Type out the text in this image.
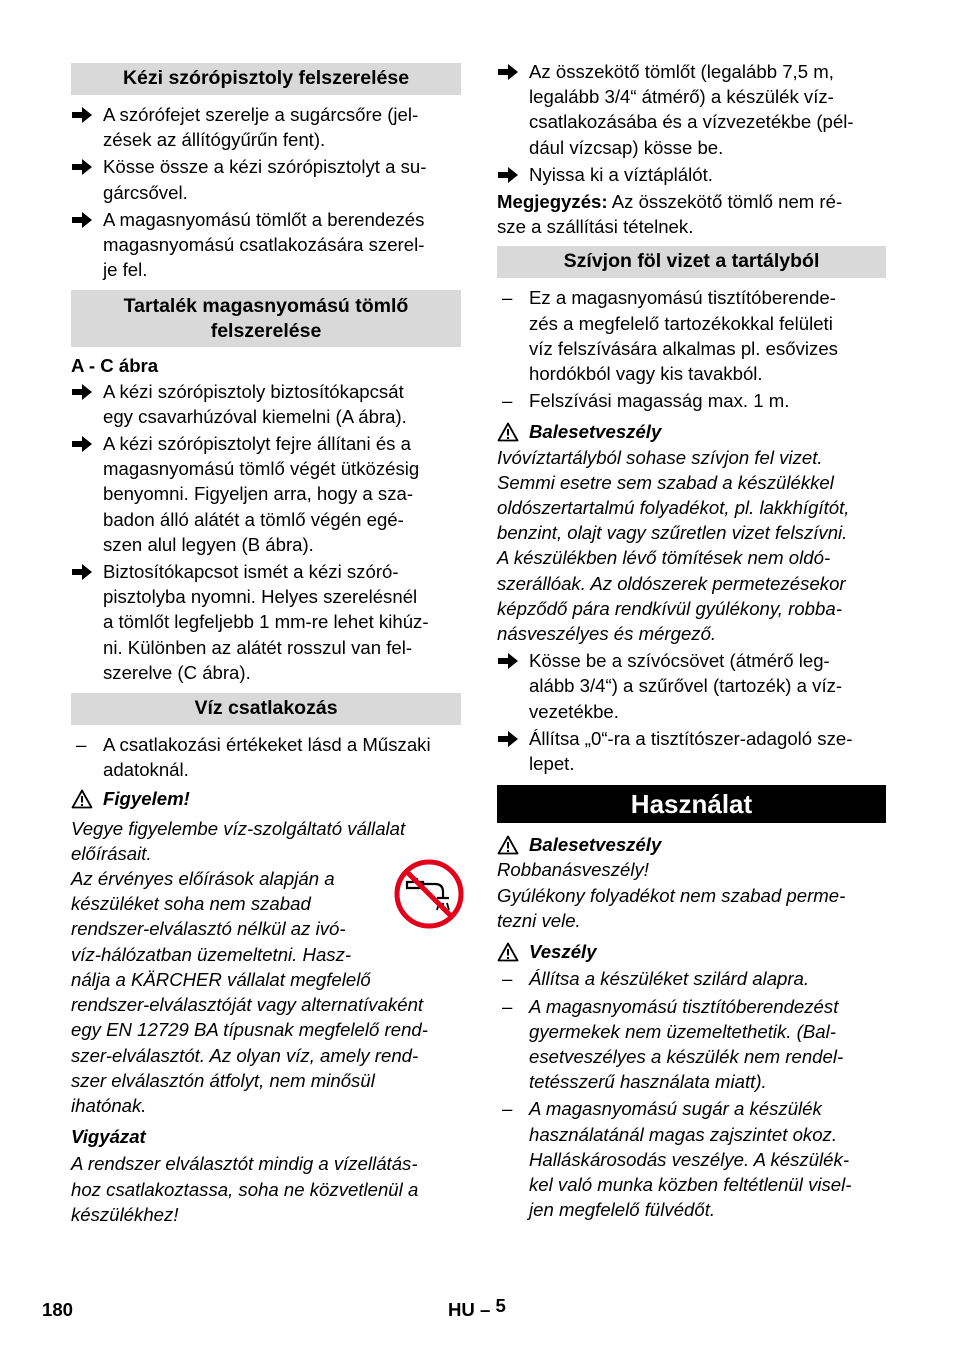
Kézi szórópisztoly felszerelése
A szórófejet szerelje a sugárcsőre (jel-
zések az állítógyűrűn fent).
Kösse össze a kézi szórópisztolyt a su-
gárcsővel.
A magasnyomású tömlőt a berendezés
magasnyomású csatlakozására szerel-
je fel.
Tartalék magasnyomású tömlő
felszerelése
A - C ábra
A kézi szórópisztoly biztosítókapcsát
egy csavarhúzóval kiemelni (A ábra).
A kézi szórópisztolyt fejre állítani és a
magasnyomású tömlő végét ütközésig
benyomni. Figyeljen arra, hogy a sza-
badon álló alátét a tömlő végén egé-
szen alul legyen (B ábra).
Biztosítókapcsot ismét a kézi szóró-
pisztolyba nyomni. Helyes szerelésnél
a tömlőt legfeljebb 1 mm-re lehet kihúz-
ni. Különben az alátét rosszul van fel-
szerelve (C ábra).
Víz csatlakozás
– A csatlakozási értékeket lásd a Műszaki
adatoknál.
Figyelem!
Vegye figyelembe víz-szolgáltató vállalat
előírásait.
Az érvényes előírások alapján a
készüléket soha nem szabad
rendszer-elválasztó nélkül az ivó-
víz-hálózatban üzemeltetni. Hasz-
nálja a KÄRCHER vállalat megfelelő
rendszer-elválasztóját vagy alternatívaként
egy EN 12729 BA típusnak megfelelő rend-
szer-elválasztót. Az olyan víz, amely rend-
szer elválasztón átfolyt, nem minősül
ihatónak.
Vigyázat
A rendszer elválasztót mindig a vízellátás-
hoz csatlakoztassa, soha ne közvetlenül a
készülékhez!
Az összekötő tömlőt (legalább 7,5 m,
legalább 3/4“ átmérő) a készülék víz-
csatlakozásába és a vízvezetékbe (pél-
dául vízcsap) kösse be.
Nyissa ki a víztáplálót.
Megjegyzés: Az összekötő tömlő nem ré-
sze a szállítási tételnek.
Szívjon föl vizet a tartályból
– Ez a magasnyomású tisztítóberende-
zés a megfelelő tartozékokkal felületi
víz felszívására alkalmas pl. esővizes
hordókból vagy kis tavakból.
– Felszívási magasság max. 1 m.
Balesetveszély
Ivóvíztartályból sohase szívjon fel vizet.
Semmi esetre sem szabad a készülékkel
oldószertartalmú folyadékot, pl. lakkhígítót,
benzint, olajt vagy szűretlen vizet felszívni.
A készülékben lévő tömítések nem oldó-
szerállóak. Az oldószerek permetezésekor
képződő pára rendkívül gyúlékony, robba-
násveszélyes és mérgező.
Kösse be a szívócsövet (átmérő leg-
alább 3/4“) a szűrővel (tartozék) a víz-
vezetékbe.
Állítsa „0“-ra a tisztítószer-adagoló sze-
lepet.
Használat
Balesetveszély
Robbanásveszély!
Gyúlékony folyadékot nem szabad perme-
tezni vele.
Veszély
– Állítsa a készüléket szilárd alapra.
– A magasnyomású tisztítóberendezést
gyermekek nem üzemeltethetik. (Bal-
esetveszélyes a készülék nem rendel-
tetésszerű használata miatt).
– A magasnyomású sugár a készülék
használatánál magas zajszintet okoz.
Halláskárosodás veszélye. A készülék-
kel való munka közben feltétlenül visel-
jen megfelelő fülvédőt.
180	HU – 5
